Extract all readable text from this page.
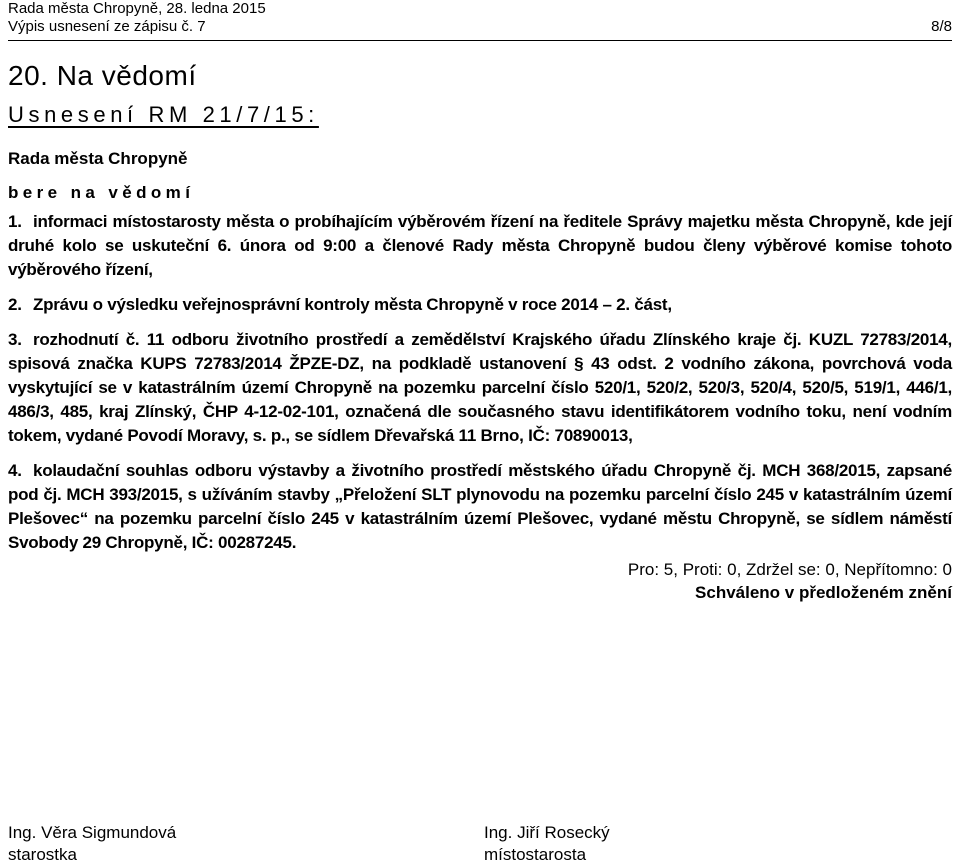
Rada města Chropyně, 28. ledna 2015
Výpis usnesení ze zápisu č. 7	8/8
20. Na vědomí
Usnesení RM 21/7/15:
Rada města Chropyně
bere na vědomí
1. informaci místostarosty města o probíhajícím výběrovém řízení na ředitele Správy majetku města Chropyně, kde její druhé kolo se uskuteční 6. února od 9:00 a členové Rady města Chropyně budou členy výběrové komise tohoto výběrového řízení,
2. Zprávu o výsledku veřejnosprávní kontroly města Chropyně v roce 2014 – 2. část,
3. rozhodnutí č. 11 odboru životního prostředí a zemědělství Krajského úřadu Zlínského kraje čj. KUZL 72783/2014, spisová značka KUPS 72783/2014 ŽPZE-DZ, na podkladě ustanovení § 43 odst. 2 vodního zákona, povrchová voda vyskytující se v katastrálním území Chropyně na pozemku parcelní číslo 520/1, 520/2, 520/3, 520/4, 520/5, 519/1, 446/1, 486/3, 485, kraj Zlínský, ČHP 4-12-02-101, označená dle současného stavu identifikátorem vodního toku, není vodním tokem, vydané Povodí Moravy, s. p., se sídlem Dřevařská 11 Brno, IČ: 70890013,
4. kolaudační souhlas odboru výstavby a životního prostředí městského úřadu Chropyně čj. MCH 368/2015, zapsané pod čj. MCH 393/2015, s užíváním stavby „Přeložení SLT plynovodu na pozemku parcelní číslo 245 v katastrálním území Plešovec“ na pozemku parcelní číslo 245 v katastrálním území Plešovec, vydané městu Chropyně, se sídlem náměstí Svobody 29 Chropyně, IČ: 00287245.
Pro: 5, Proti: 0, Zdržel se: 0, Nepřítomno: 0
Schváleno v předloženém znění
Ing. Věra Sigmundová
starostka
Ing. Jiří Rosecký
místostarosta
